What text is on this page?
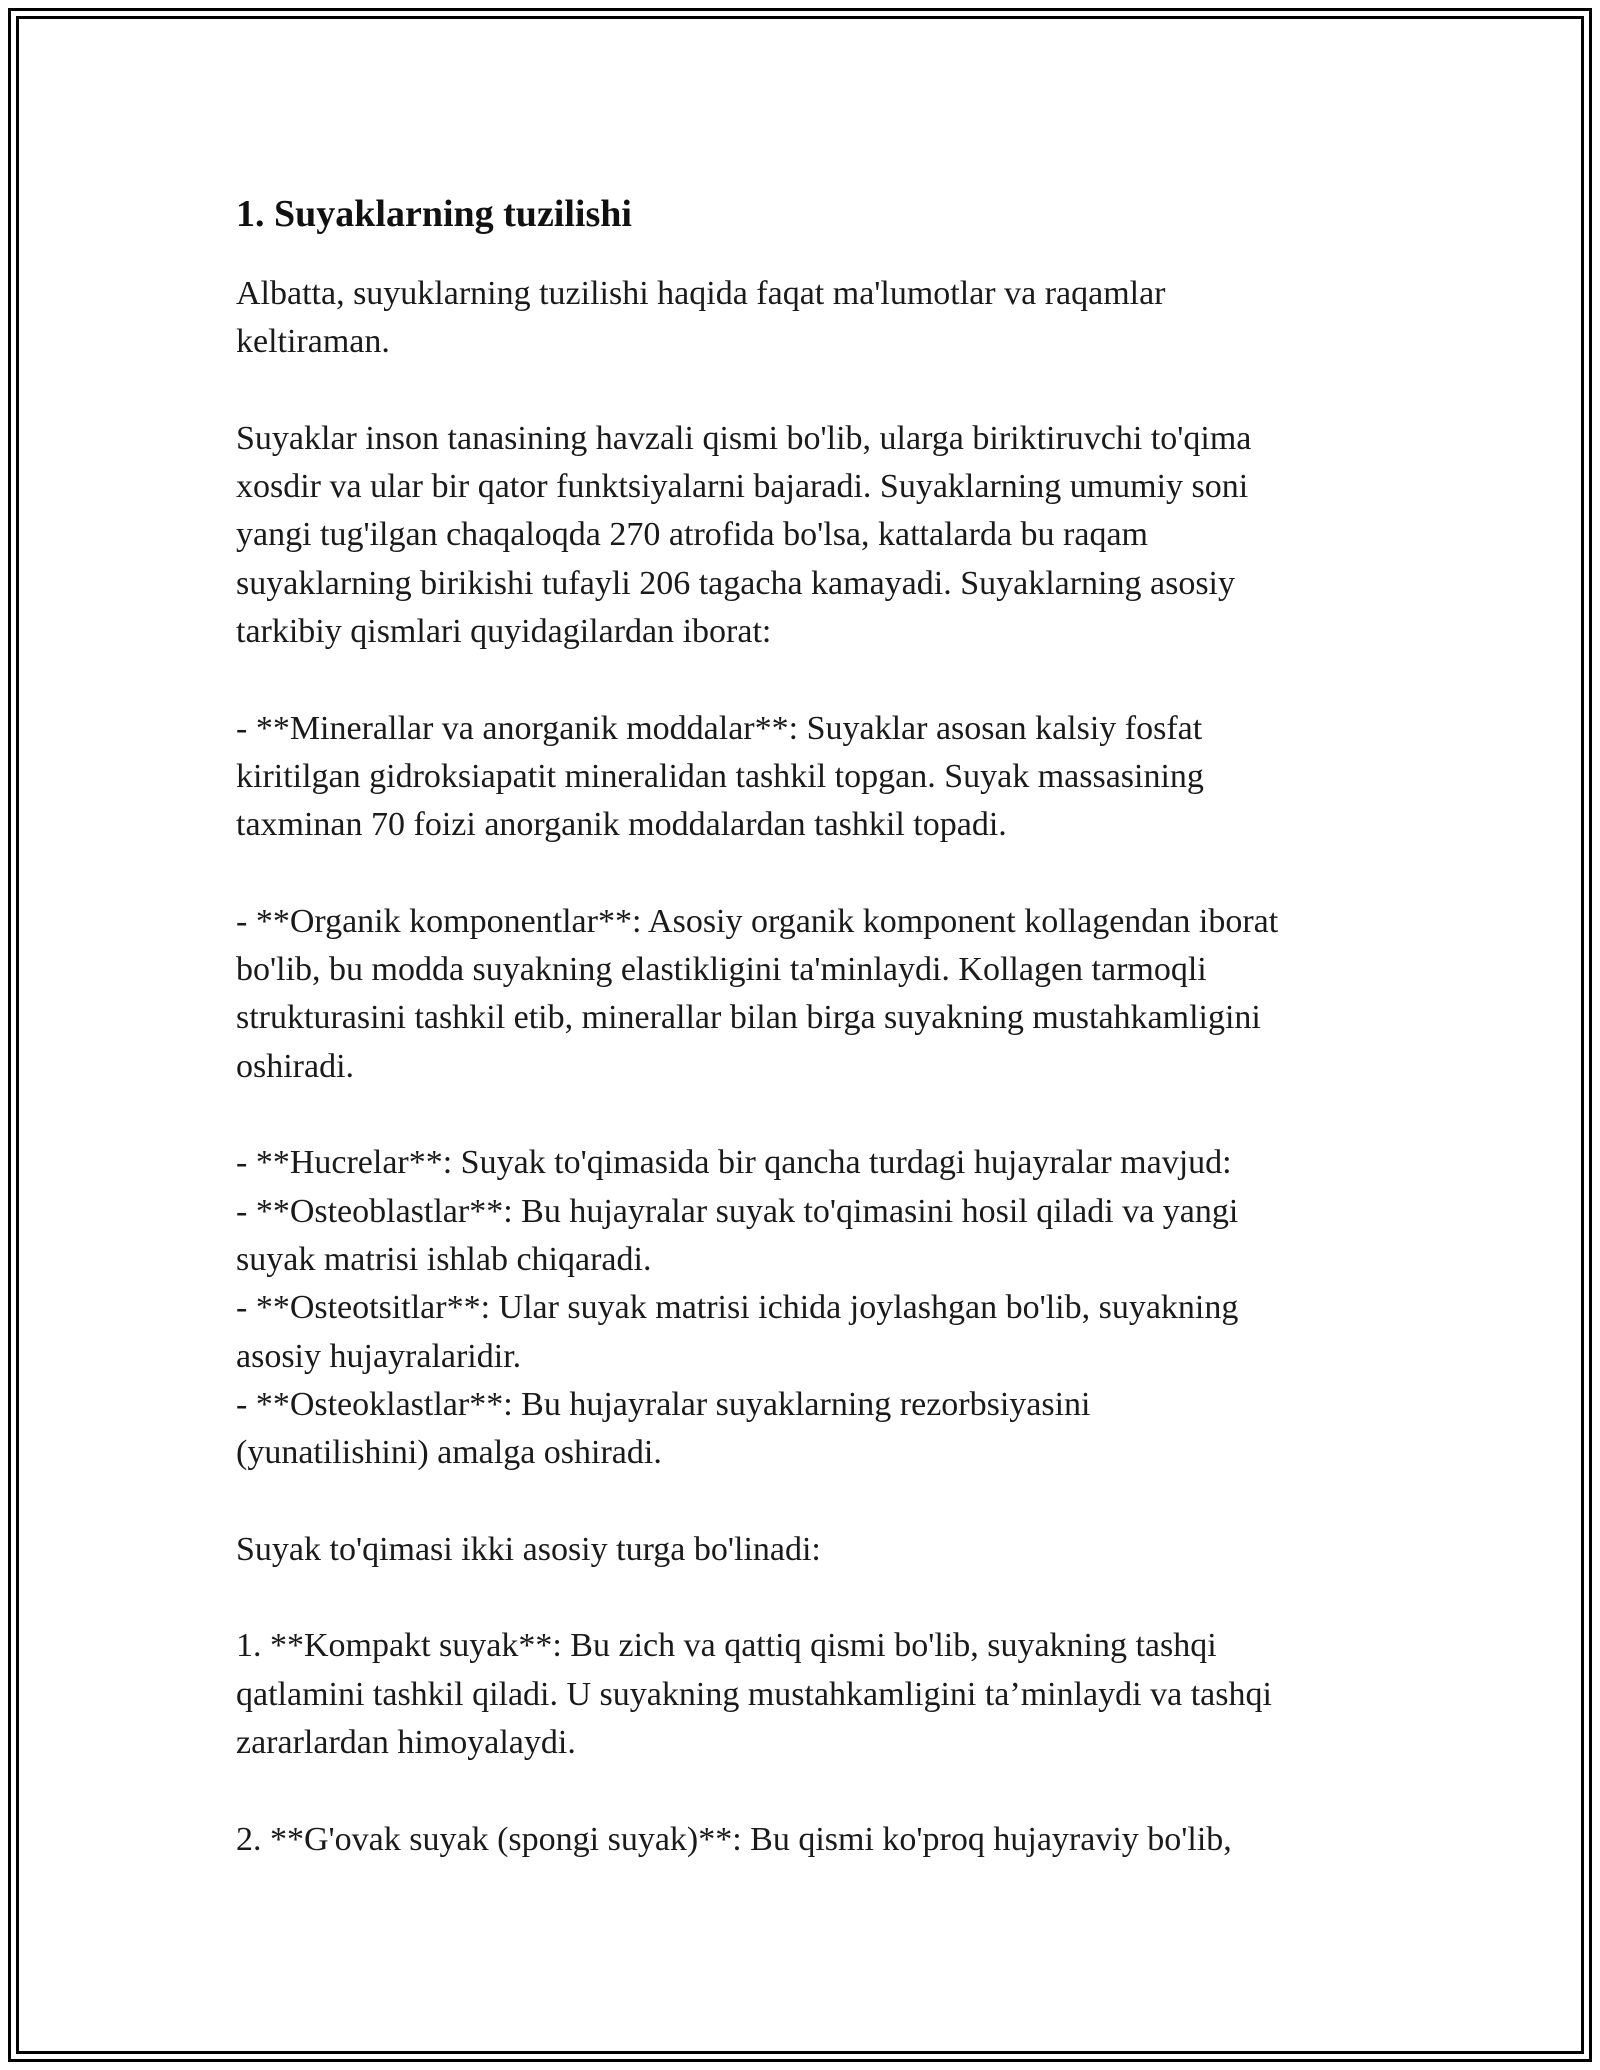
1. Suyaklarning tuzilishi

Albatta, suyuklarning tuzilishi haqida faqat ma'lumotlar va raqamlar
keltiraman.

Suyaklar inson tanasining havzali qismi bo'lib, ularga biriktiruvchi to'qima
xosdir va ular bir qator funktsiyalarni bajaradi. Suyaklarning umumiy soni
yangi tug'ilgan chaqaloqda 270 atrofida bo'lsa, kattalarda bu raqam
suyaklarning birikishi tufayli 206 tagacha kamayadi. Suyaklarning asosiy
tarkibiy qismlari quyidagilardan iborat:

- **Minerallar va anorganik moddalar**: Suyaklar asosan kalsiy fosfat
kiritilgan gidroksiapatit mineralidan tashkil topgan. Suyak massasining
taxminan 70 foizi anorganik moddalardan tashkil topadi.

- **Organik komponentlar**: Asosiy organik komponent kollagendan iborat
bo'lib, bu modda suyakning elastikligini ta'minlaydi. Kollagen tarmoqli
strukturasini tashkil etib, minerallar bilan birga suyakning mustahkamligini
oshiradi.

- **Hucrelar**: Suyak to'qimasida bir qancha turdagi hujayralar mavjud:
- **Osteoblastlar**: Bu hujayralar suyak to'qimasini hosil qiladi va yangi
suyak matrisi ishlab chiqaradi.
- **Osteotsitlar**: Ular suyak matrisi ichida joylashgan bo'lib, suyakning
asosiy hujayralaridir.
- **Osteoklastlar**: Bu hujayralar suyaklarning rezorbsiyasini
(yunatilishini) amalga oshiradi.

Suyak to'qimasi ikki asosiy turga bo'linadi:

1. **Kompakt suyak**: Bu zich va qattiq qismi bo'lib, suyakning tashqi
qatlamini tashkil qiladi. U suyakning mustahkamligini ta’minlaydi va tashqi
zararlardan himoyalaydi.

2. **G'ovak suyak (spongi suyak)**: Bu qismi ko'proq hujayraviy bo'lib,
